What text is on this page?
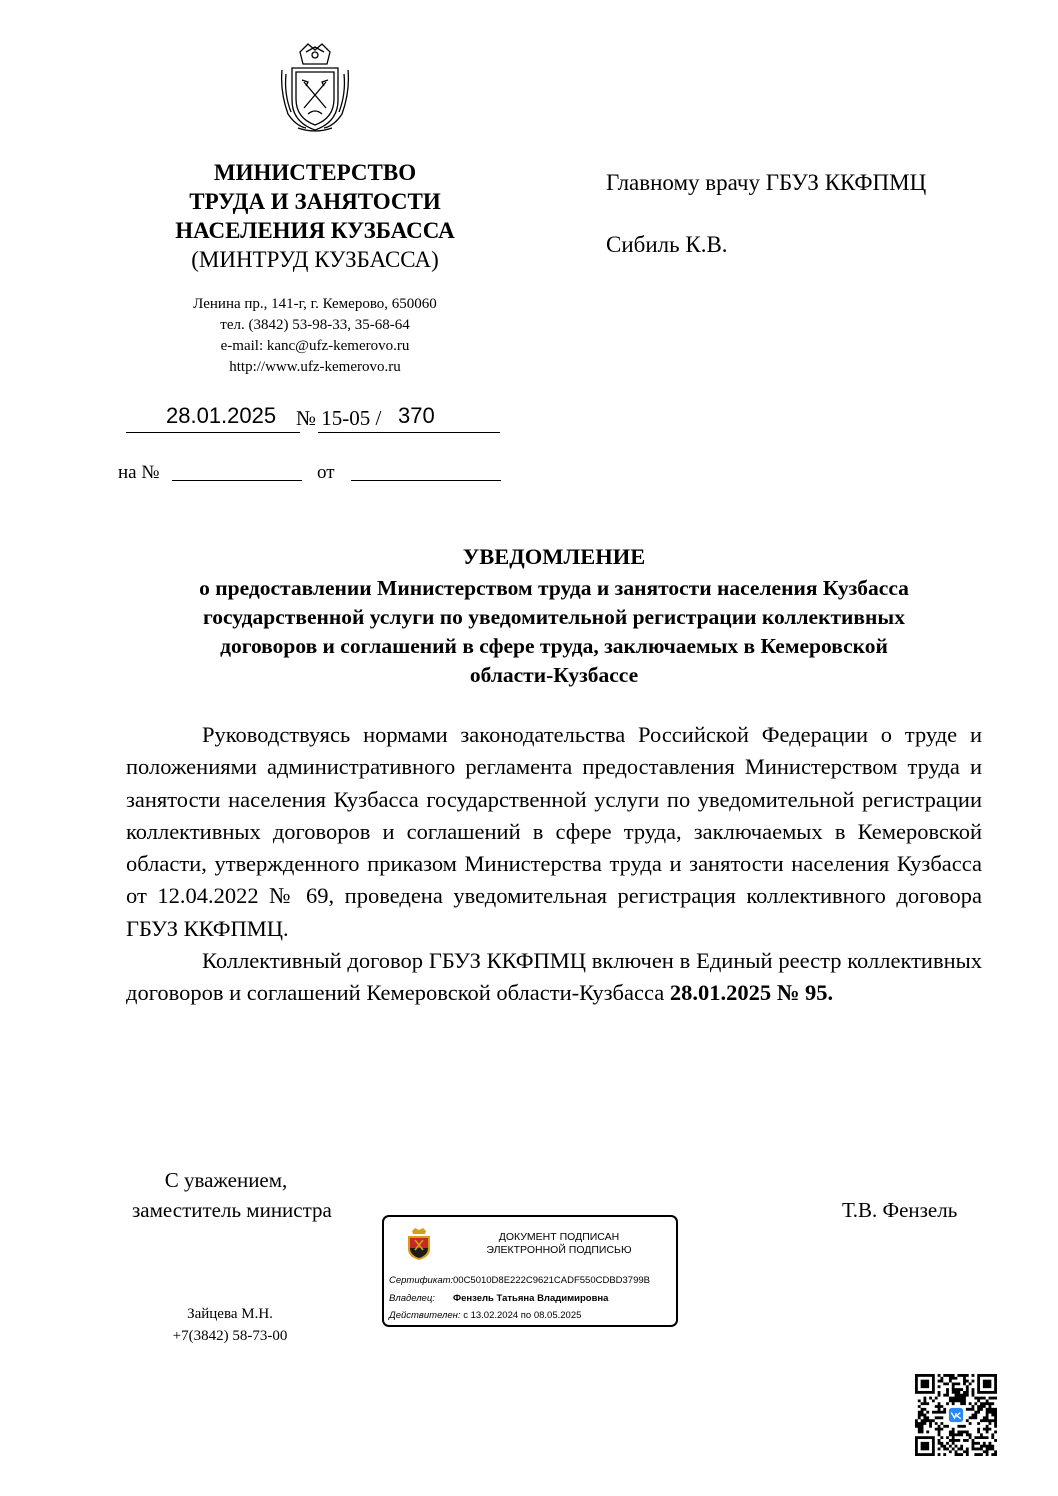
МИНИСТЕРСТВО
ТРУДА И ЗАНЯТОСТИ
НАСЕЛЕНИЯ КУЗБАССА
(МИНТРУД КУЗБАССА)
Ленина пр., 141-г, г. Кемерово, 650060
тел. (3842) 53-98-33, 35-68-64
e-mail: kanc@ufz-kemerovo.ru
http://www.ufz-kemerovo.ru
Главному врачу ГБУЗ ККФПМЦ
Сибиль К.В.
28.01.2025 № 15-05 / 370
на №	от
УВЕДОМЛЕНИЕ
о предоставлении Министерством труда и занятости населения Кузбасса
государственной услуги по уведомительной регистрации коллективных
договоров и соглашений в сфере труда, заключаемых в Кемеровской
области-Кузбассе

Руководствуясь нормами законодательства Российской Федерации о труде и положениями административного регламента предоставления Министерством труда и занятости населения Кузбасса государственной услуги по уведомительной регистрации коллективных договоров и соглашений в сфере труда, заключаемых в Кемеровской области, утвержденного приказом Министерства труда и занятости населения Кузбасса от 12.04.2022 № 69, проведена уведомительная регистрация коллективного договора ГБУЗ ККФПМЦ.

Коллективный договор ГБУЗ ККФПМЦ включен в Единый реестр коллективных договоров и соглашений Кемеровской области-Кузбасса 28.01.2025 № 95.

С уважением,
заместитель министра	Т.В. Фензель
ДОКУМЕНТ ПОДПИСАН
ЭЛЕКТРОННОЙ ПОДПИСЬЮ
Сертификат:00C5010D8E222C9621CADF550CDBD3799B
Владелец: Фензель Татьяна Владимировна
Действителен: с 13.02.2024 по 08.05.2025
Зайцева М.Н.
+7(3842) 58-73-00
